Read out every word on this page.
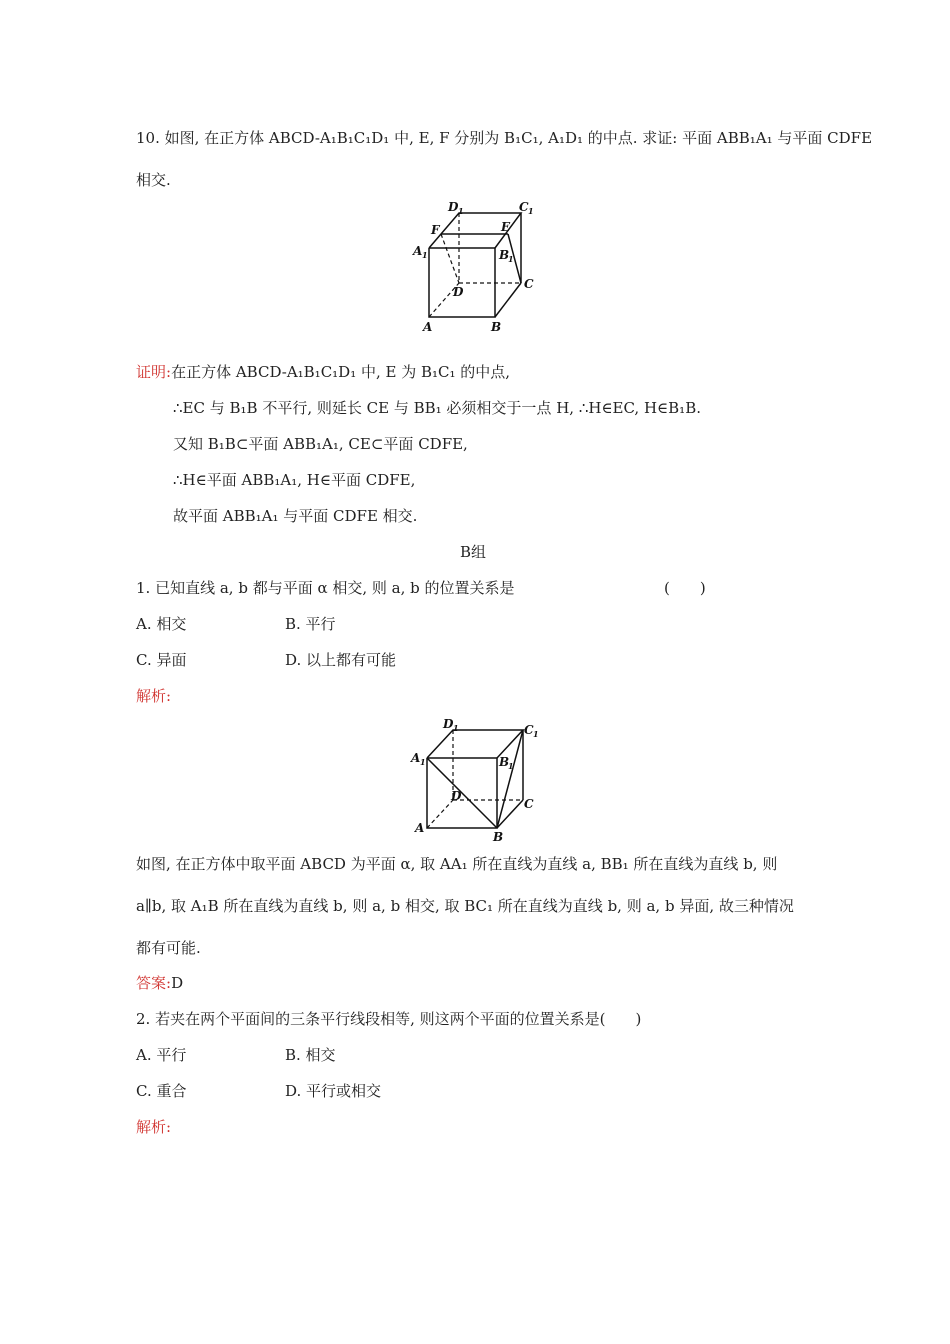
10. 如图, 在正方体 ABCD-A₁B₁C₁D₁ 中, E, F 分别为 B₁C₁, A₁D₁ 的中点. 求证: 平面 ABB₁A₁ 与平面 CDFE
相交.
D 1	C 1
F	E
A 1	B
1
D
C
A	B
证明:在正方体 ABCD-A₁B₁C₁D₁ 中, E 为 B₁C₁ 的中点,
∴EC 与 B₁B 不平行, 则延长 CE 与 BB₁ 必须相交于一点 H, ∴H∈EC, H∈B₁B.
又知 B₁B⊂平面 ABB₁A₁, CE⊂平面 CDFE,
∴H∈平面 ABB₁A₁, H∈平面 CDFE,
故平面 ABB₁A₁ 与平面 CDFE 相交.
B组
1. 已知直线 a, b 都与平面 α 相交, 则 a, b 的位置关系是	(　　)
A. 相交	B. 平行
C. 异面	D. 以上都有可能
解析:
D 1	C 1
A 1	B
1
D
C
A
B
如图, 在正方体中取平面 ABCD 为平面 α, 取 AA₁ 所在直线为直线 a, BB₁ 所在直线为直线 b, 则
a∥b, 取 A₁B 所在直线为直线 b, 则 a, b 相交, 取 BC₁ 所在直线为直线 b, 则 a, b 异面, 故三种情况
都有可能.
答案:D
2. 若夹在两个平面间的三条平行线段相等, 则这两个平面的位置关系是(　　)
A. 平行	B. 相交
C. 重合	D. 平行或相交
解析:
